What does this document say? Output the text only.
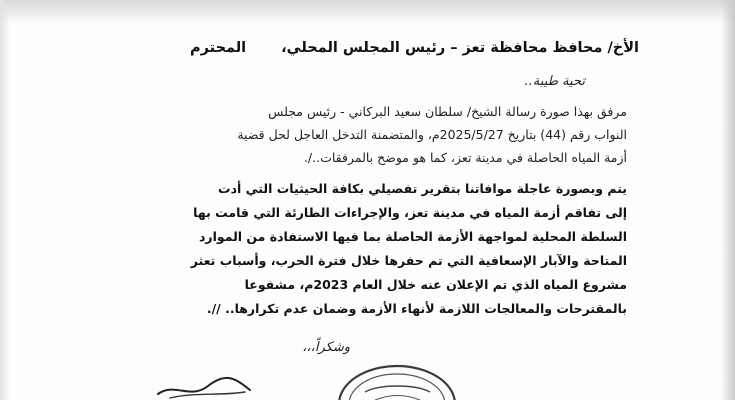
الأخ/ محافظ محافظة تعز – رئيس المجلس المحلي،
المحترم
تحية طيبة..
مرفق بهذا صورة رسالة الشيخ/ سلطان سعيد البركاني - رئيس مجلس
النواب رقم (44) بتاريخ 2025/5/27م، والمتضمنة التدخل العاجل لحل قضية
أزمة المياه الحاصلة في مدينة تعز، كما هو موضح بالمرفقات../.
يتم وبصورة عاجلة موافاتنا بتقرير تفصيلي بكافة الحيثيات التي أدت
إلى تفاقم أزمة المياه في مدينة تعز، والإجراءات الطارئة التي قامت بها
السلطة المحلية لمواجهة الأزمة الحاصلة بما فيها الاستفادة من الموارد
المتاحة والآبار الإسعافية التي تم حفرها خلال فترة الحرب، وأسباب تعثر
مشروع المياه الذي تم الإعلان عنه خلال العام 2023م، مشفوعا
بالمقترحات والمعالجات اللازمة لأنهاء الأزمة وضمان عدم تكرارها.. //.
وشكراً،،،
